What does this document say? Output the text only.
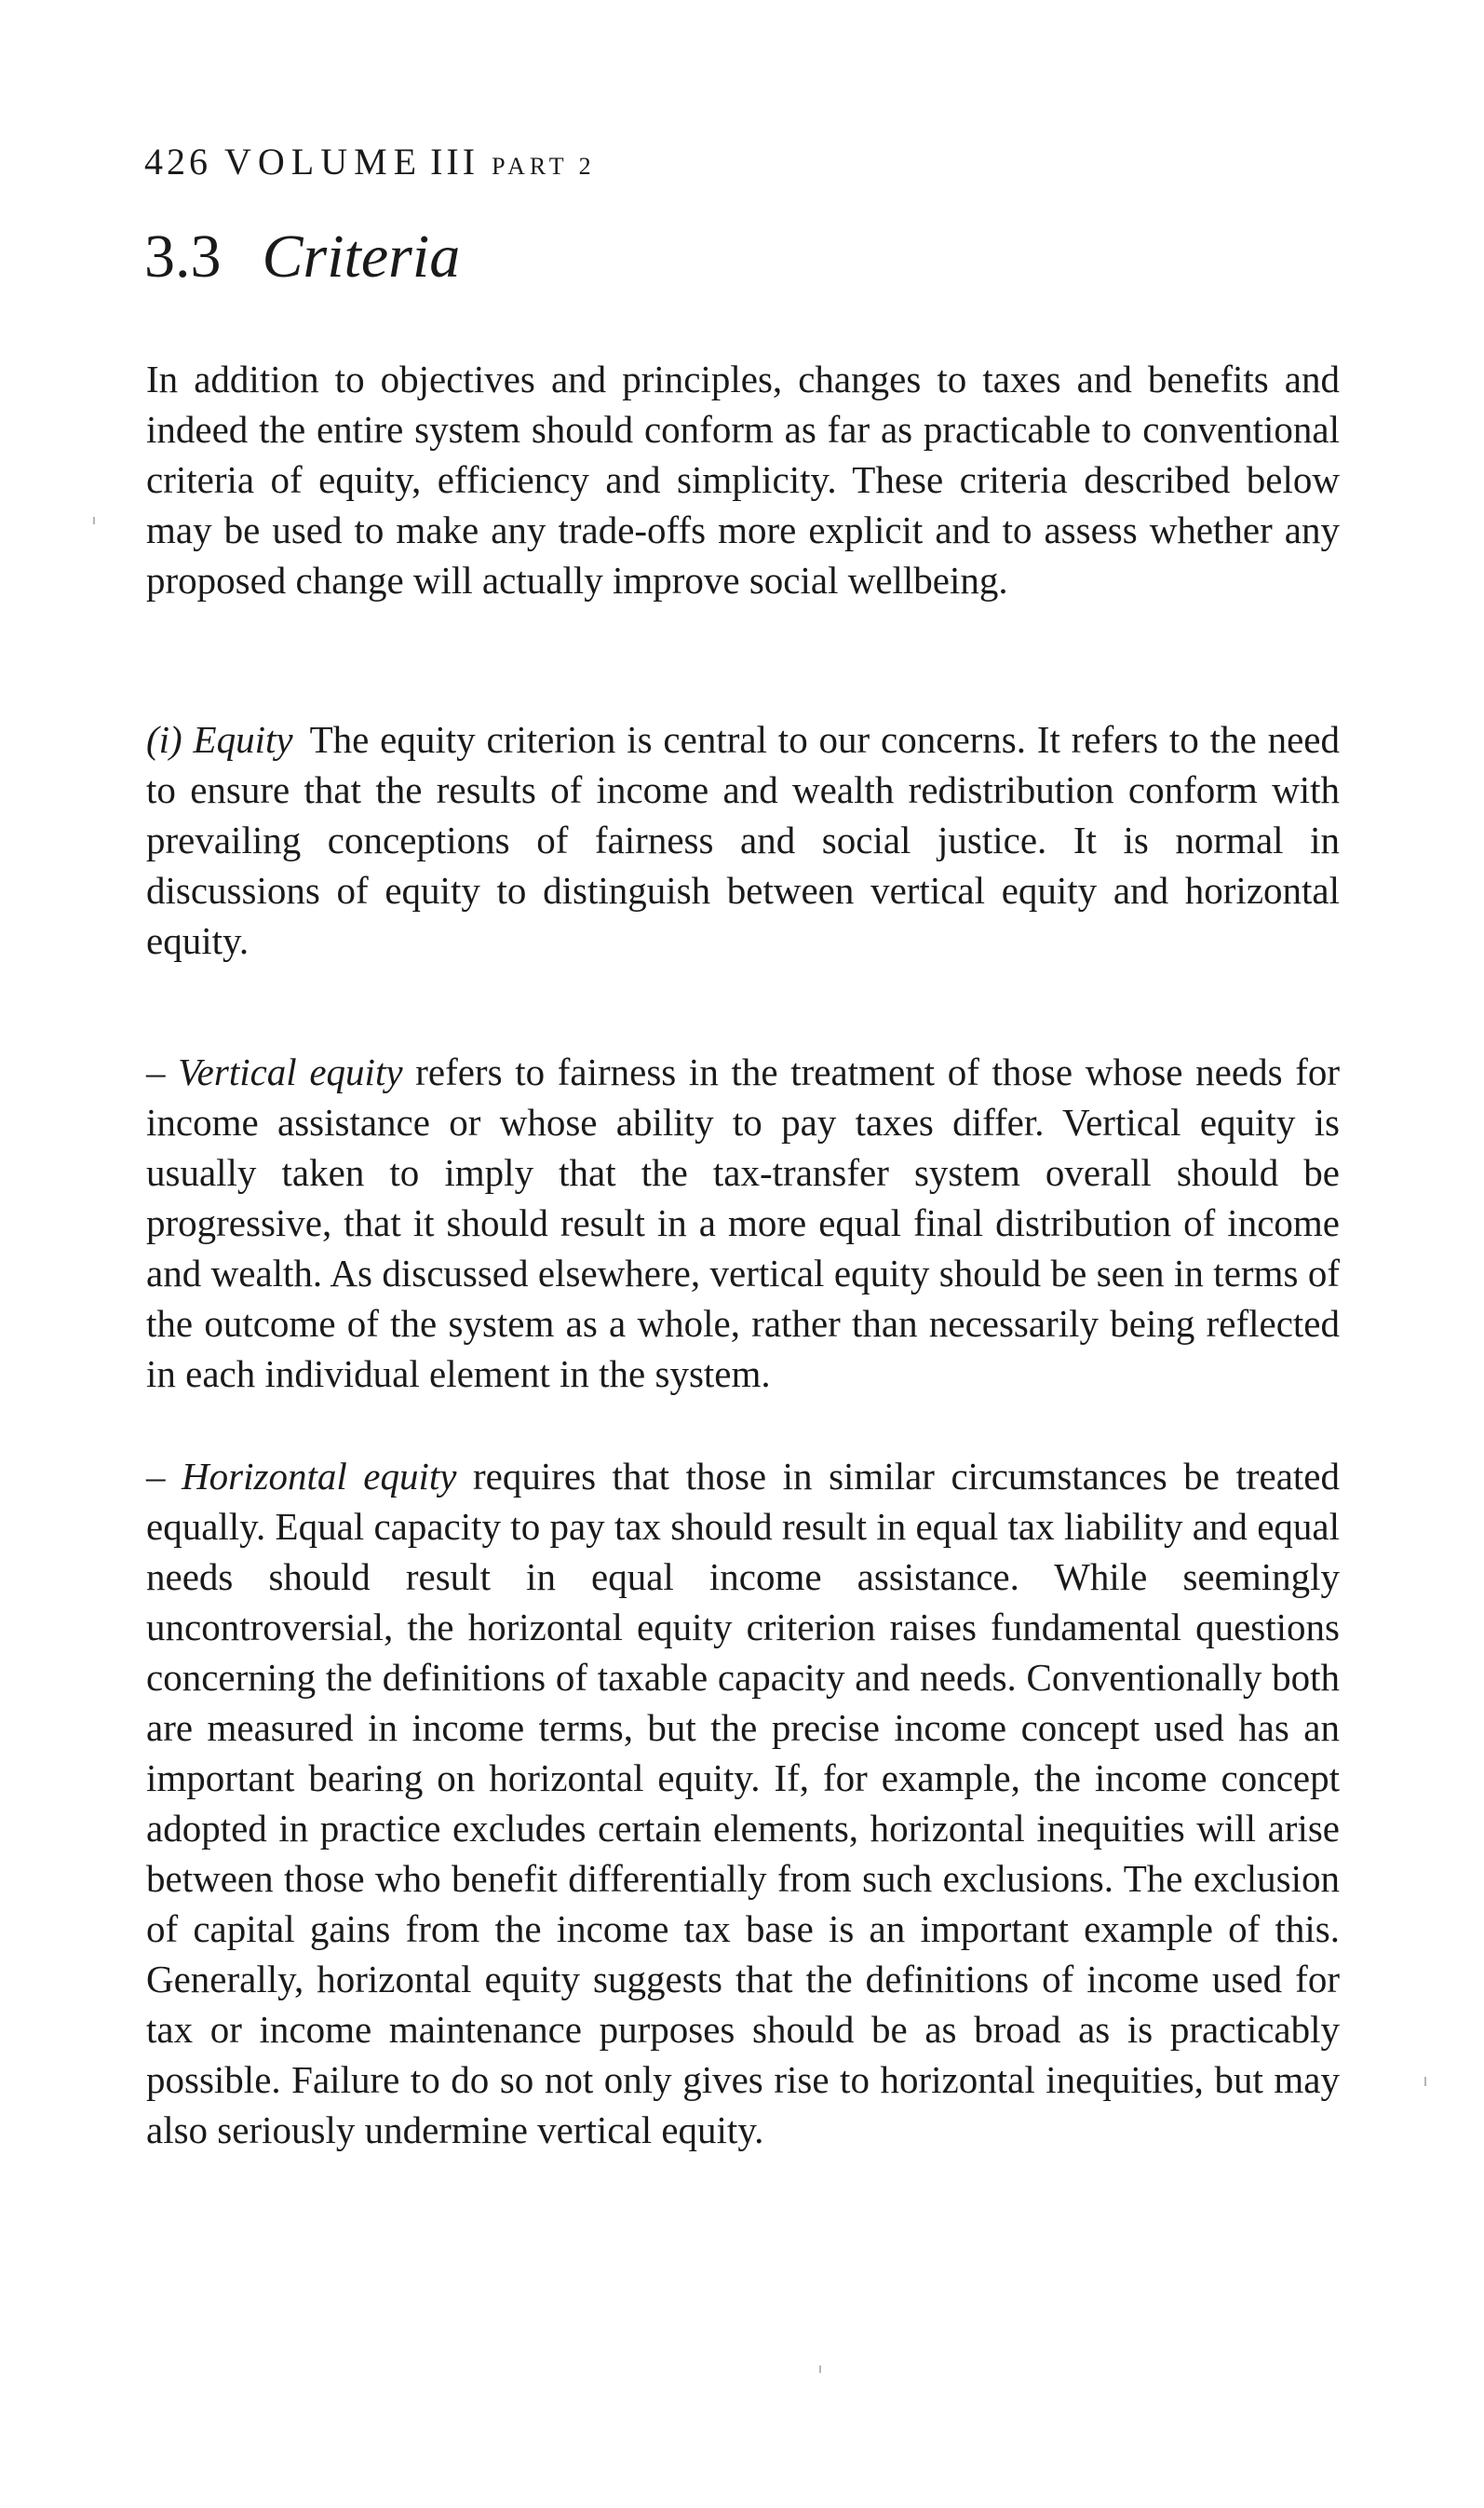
426 VOLUME III PART 2
3.3 Criteria

In addition to objectives and principles, changes to taxes and benefits and indeed the entire system should conform as far as practicable to conventional criteria of equity, efficiency and simplicity. These criteria described below may be used to make any trade-offs more explicit and to assess whether any proposed change will actually improve social wellbeing.

(i) Equity The equity criterion is central to our concerns. It refers to the need to ensure that the results of income and wealth redistribution conform with prevailing conceptions of fairness and social justice. It is normal in discussions of equity to distinguish between vertical equity and horizontal equity.

– Vertical equity refers to fairness in the treatment of those whose needs for income assistance or whose ability to pay taxes differ. Vertical equity is usually taken to imply that the tax-transfer system overall should be progressive, that it should result in a more equal final distribution of income and wealth. As discussed elsewhere, vertical equity should be seen in terms of the outcome of the system as a whole, rather than necessarily being reflected in each individual element in the system.

– Horizontal equity requires that those in similar circumstances be treated equally. Equal capacity to pay tax should result in equal tax liability and equal needs should result in equal income assistance. While seemingly uncontroversial, the horizontal equity criterion raises fundamental questions concerning the definitions of taxable capacity and needs. Conventionally both are measured in income terms, but the precise income concept used has an important bearing on horizontal equity. If, for example, the income concept adopted in practice excludes certain elements, horizontal inequities will arise between those who benefit differentially from such exclusions. The exclusion of capital gains from the income tax base is an important example of this. Generally, horizontal equity suggests that the definitions of income used for tax or income maintenance purposes should be as broad as is practicably possible. Failure to do so not only gives rise to horizontal inequities, but may also seriously undermine vertical equity.
